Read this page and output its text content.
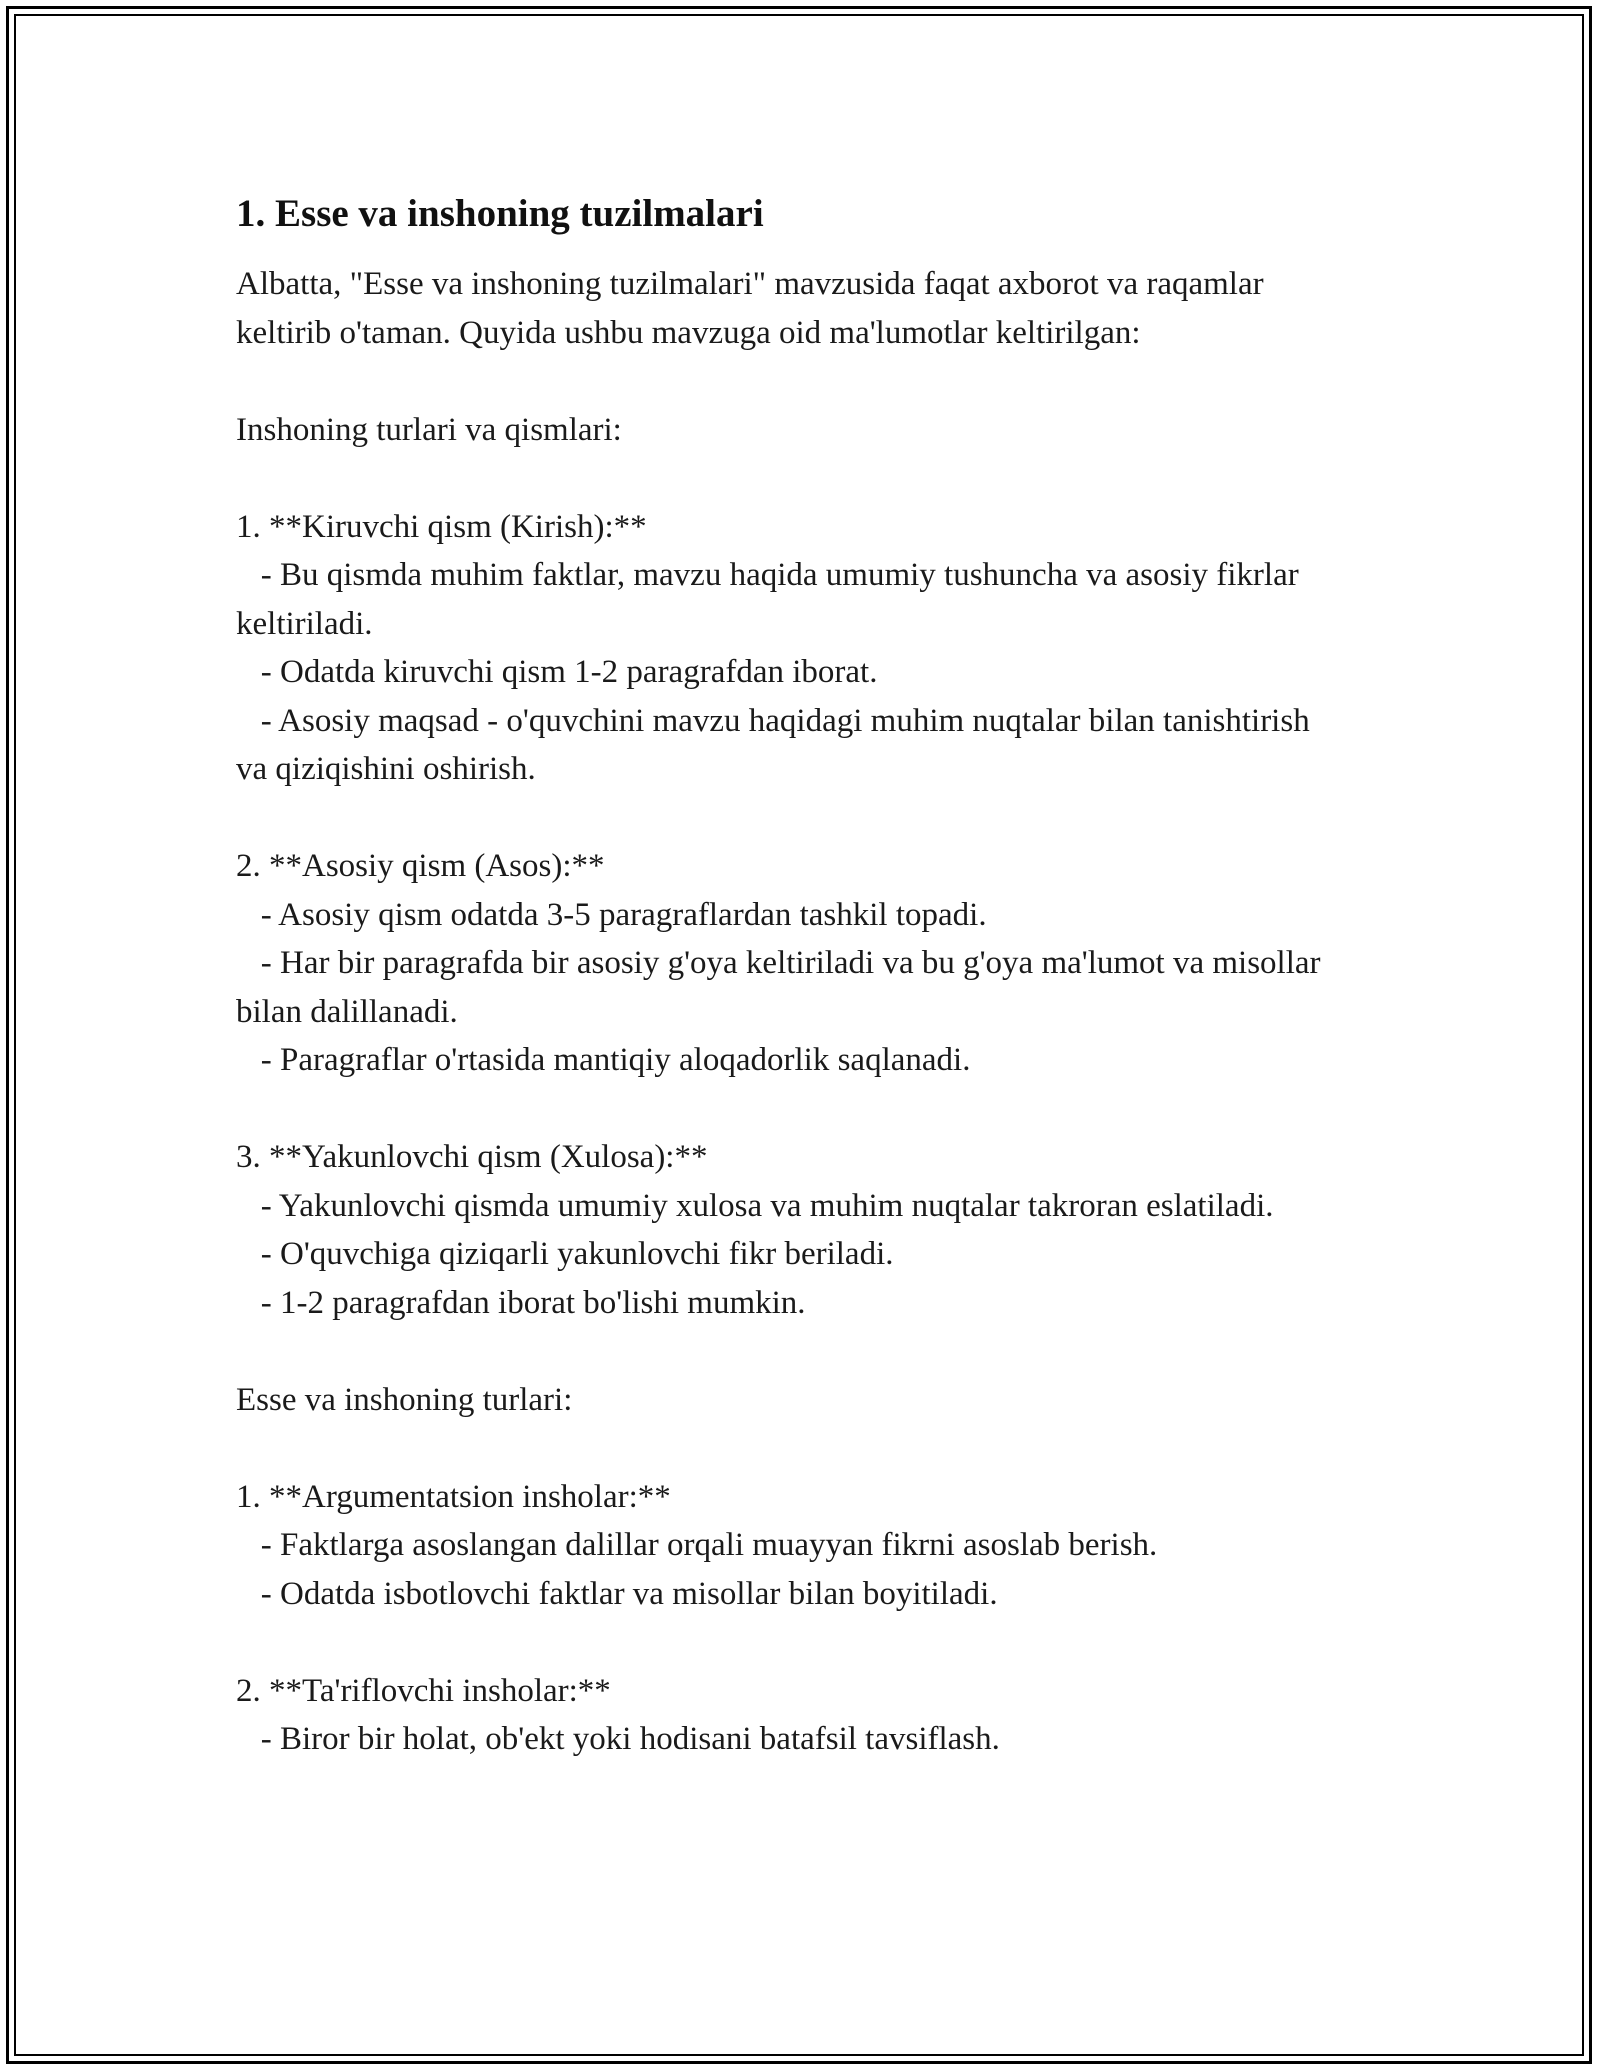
1. Esse va inshoning tuzilmalari
Albatta, "Esse va inshoning tuzilmalari" mavzusida faqat axborot va raqamlar keltirib o'taman. Quyida ushbu mavzuga oid ma'lumotlar keltirilgan:

Inshoning turlari va qismlari:

1. **Kiruvchi qism (Kirish):**
- Bu qismda muhim faktlar, mavzu haqida umumiy tushuncha va asosiy fikrlar keltiriladi.
- Odatda kiruvchi qism 1-2 paragrafdan iborat.
- Asosiy maqsad - o'quvchini mavzu haqidagi muhim nuqtalar bilan tanishtirish va qiziqishini oshirish.

2. **Asosiy qism (Asos):**
- Asosiy qism odatda 3-5 paragraflardan tashkil topadi.
- Har bir paragrafda bir asosiy g'oya keltiriladi va bu g'oya ma'lumot va misollar bilan dalillanadi.
- Paragraflar o'rtasida mantiqiy aloqadorlik saqlanadi.

3. **Yakunlovchi qism (Xulosa):**
- Yakunlovchi qismda umumiy xulosa va muhim nuqtalar takroran eslatiladi.
- O'quvchiga qiziqarli yakunlovchi fikr beriladi.
- 1-2 paragrafdan iborat bo'lishi mumkin.

Esse va inshoning turlari:

1. **Argumentatsion insholar:**
- Faktlarga asoslangan dalillar orqali muayyan fikrni asoslab berish.
- Odatda isbotlovchi faktlar va misollar bilan boyitiladi.

2. **Ta'riflovchi insholar:**
- Biror bir holat, ob'ekt yoki hodisani batafsil tavsiflash.
